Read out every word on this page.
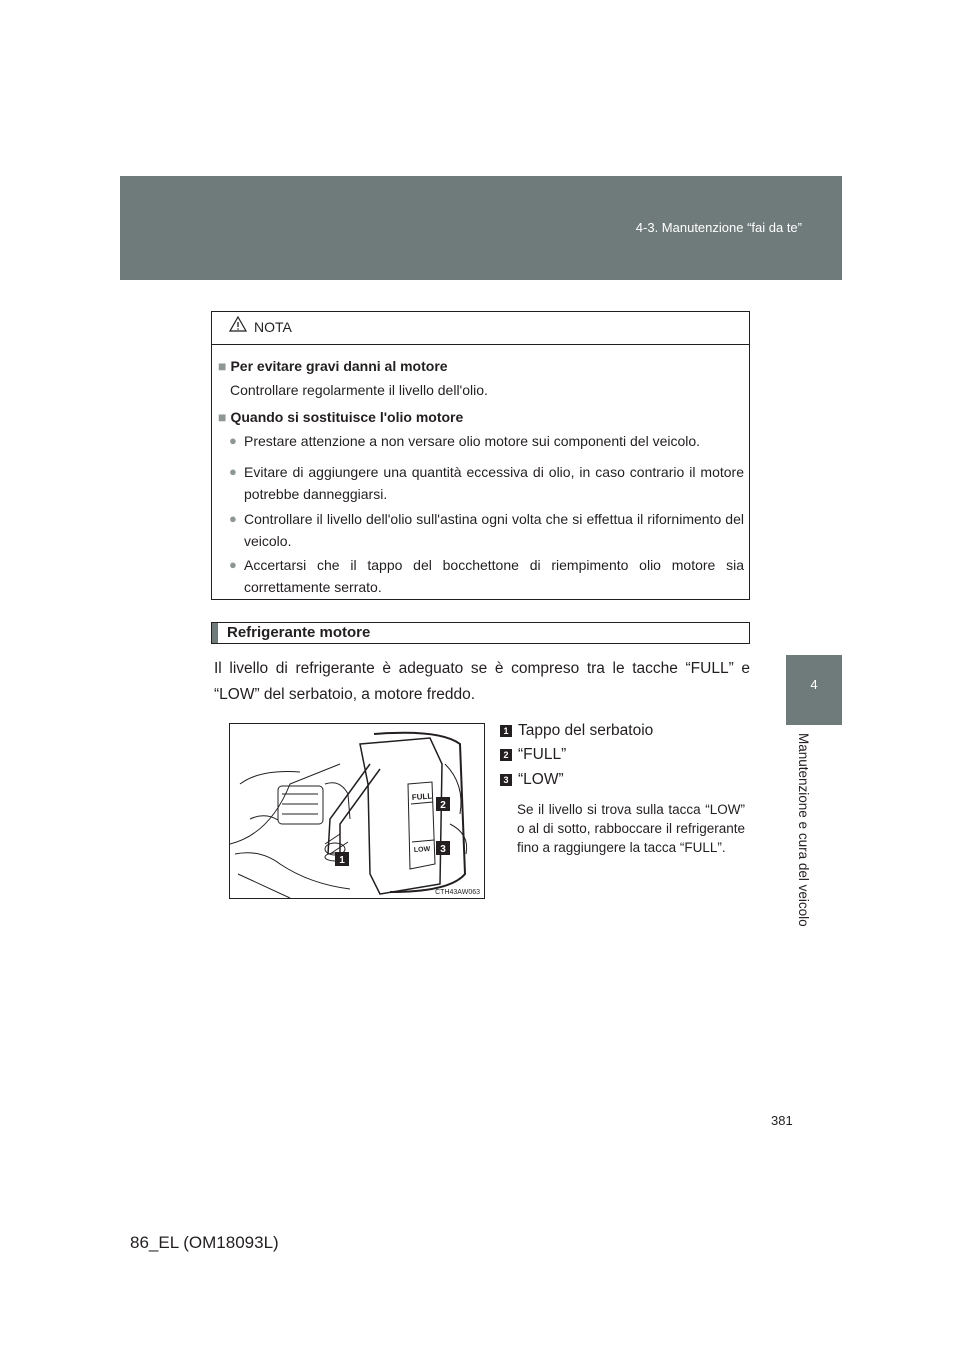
4-3. Manutenzione “fai da te”
4
Manutenzione e cura del veicolo
NOTA
■ Per evitare gravi danni al motore
Controllare regolarmente il livello dell'olio.
■ Quando si sostituisce l'olio motore
● Prestare attenzione a non versare olio motore sui componenti del veicolo.
● Evitare di aggiungere una quantità eccessiva di olio, in caso contrario il motore potrebbe danneggiarsi.
● Controllare il livello dell'olio sull'astina ogni volta che si effettua il rifornimento del veicolo.
● Accertarsi che il tappo del bocchettone di riempimento olio motore sia correttamente serrato.
Refrigerante motore
Il livello di refrigerante è adeguato se è compreso tra le tacche “FULL” e “LOW” del serbatoio, a motore freddo.
FULL
LOW
2
3
1
CTH43AW063
1 Tappo del serbatoio
2 “FULL”
3 “LOW”
Se il livello si trova sulla tacca “LOW” o al di sotto, rabboccare il refrigerante fino a raggiungere la tacca “FULL”.
381
86_EL (OM18093L)
